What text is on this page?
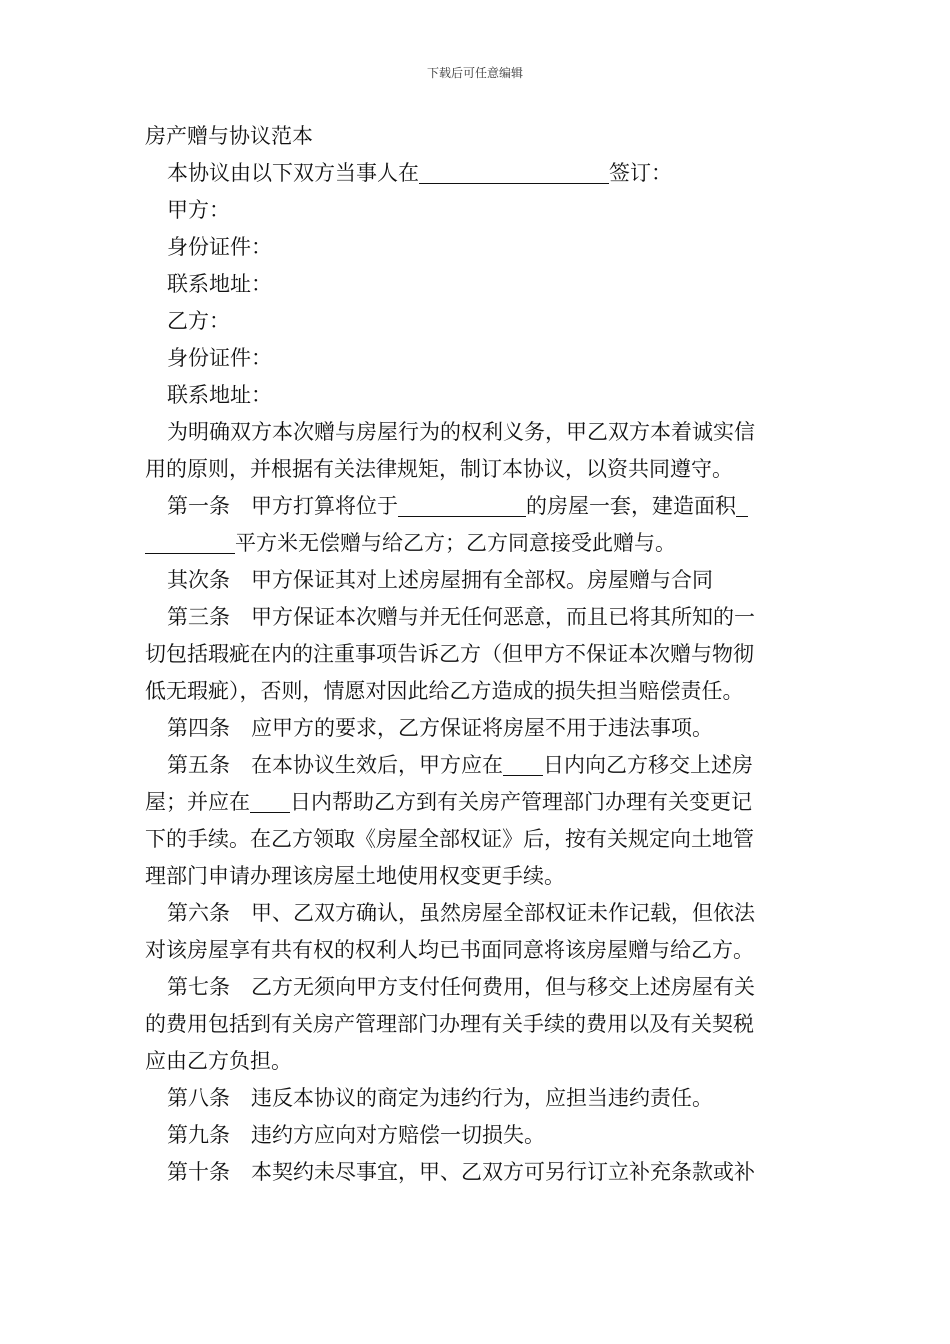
下载后可任意编辑
房产赠与协议范本
本协议由以下双方当事人在	签订：
甲方：
身份证件：
联系地址：
乙方：
身份证件：
联系地址：
为明确双方本次赠与房屋行为的权利义务，甲乙双方本着诚实信
用的原则，并根据有关法律规矩，制订本协议，以资共同遵守。
第一条　甲方打算将位于	的房屋一套，建造面积
平方米无偿赠与给乙方；乙方同意接受此赠与。
其次条　甲方保证其对上述房屋拥有全部权。房屋赠与合同
第三条　甲方保证本次赠与并无任何恶意，而且已将其所知的一
切包括瑕疵在内的注重事项告诉乙方（但甲方不保证本次赠与物彻
低无瑕疵），否则，情愿对因此给乙方造成的损失担当赔偿责任。
第四条　应甲方的要求，乙方保证将房屋不用于违法事项。
第五条　在本协议生效后，甲方应在 日内向乙方移交上述房
屋；并应在 日内帮助乙方到有关房产管理部门办理有关变更记
下的手续。在乙方领取《房屋全部权证》后，按有关规定向土地管
理部门申请办理该房屋土地使用权变更手续。
第六条　甲、乙双方确认，虽然房屋全部权证未作记载，但依法
对该房屋享有共有权的权利人均已书面同意将该房屋赠与给乙方。
第七条　乙方无须向甲方支付任何费用，但与移交上述房屋有关
的费用包括到有关房产管理部门办理有关手续的费用以及有关契税
应由乙方负担。
第八条　违反本协议的商定为违约行为，应担当违约责任。
第九条　违约方应向对方赔偿一切损失。
第十条　本契约未尽事宜，甲、乙双方可另行订立补充条款或补
